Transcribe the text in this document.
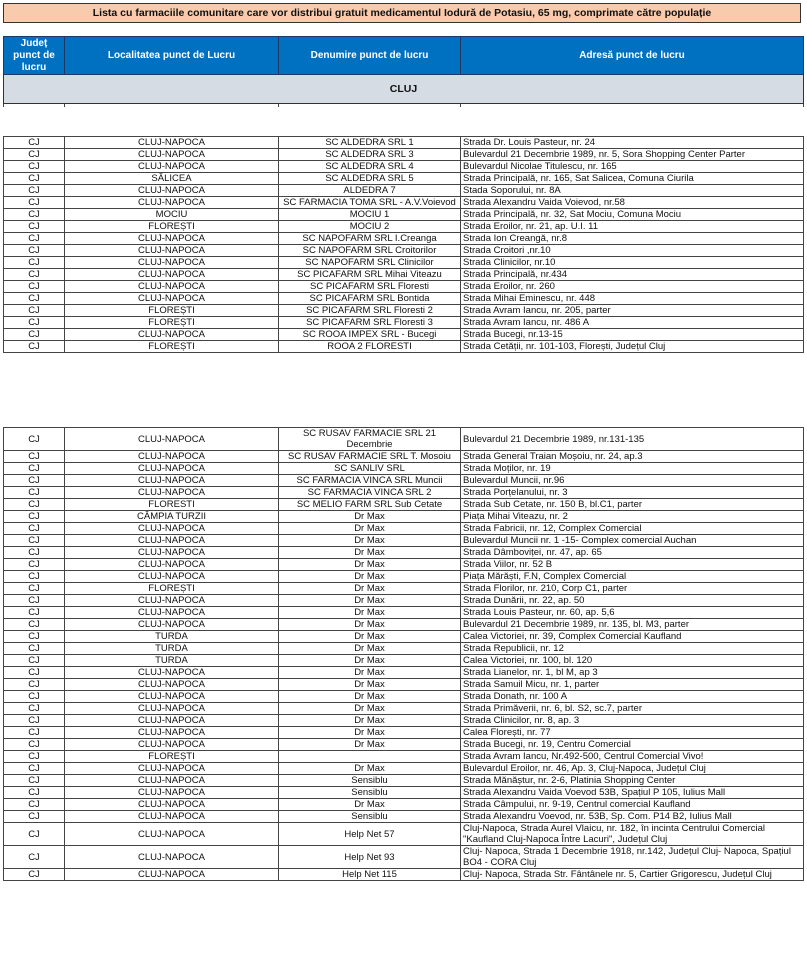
Lista cu farmaciile comunitare care vor distribui gratuit medicamentul Iodură de Potasiu, 65 mg, comprimate către populație
Județ punct de lucru	Localitatea punct de Lucru	Denumire punct de lucru	Adresă punct de lucru
CLUJ			

CJ	CLUJ-NAPOCA	SC ALDEDRA SRL 1	Strada Dr. Louis Pasteur, nr. 24
CJ	CLUJ-NAPOCA	SC ALDEDRA SRL 3	Bulevardul 21 Decembrie 1989, nr. 5, Sora Shopping Center Parter
CJ	CLUJ-NAPOCA	SC ALDEDRA SRL 4	Bulevardul Nicolae Titulescu, nr. 165
CJ	SĂLICEA	SC ALDEDRA SRL 5	Strada Principală, nr. 165, Sat Salicea, Comuna Ciurila
CJ	CLUJ-NAPOCA	ALDEDRA 7	Stada Soporului, nr. 8A
CJ	CLUJ-NAPOCA	SC FARMACIA TOMA SRL - A.V.Voievod	Strada Alexandru Vaida Voievod, nr.58
CJ	MOCIU	MOCIU 1	Strada Principală, nr. 32, Sat Mociu, Comuna Mociu
CJ	FLOREȘTI	MOCIU 2	Strada Eroilor, nr. 21, ap. U.I. 11
CJ	CLUJ-NAPOCA	SC NAPOFARM SRL I.Creanga	Strada Ion Creangă, nr.8
CJ	CLUJ-NAPOCA	SC NAPOFARM SRL Croitorilor	Strada Croitori ,nr.10
CJ	CLUJ-NAPOCA	SC NAPOFARM SRL Clinicilor	Strada Clinicilor, nr.10
CJ	CLUJ-NAPOCA	SC PICAFARM SRL Mihai Viteazu	Strada Principală, nr.434
CJ	CLUJ-NAPOCA	SC PICAFARM SRL Floresti	Strada Eroilor, nr. 260
CJ	CLUJ-NAPOCA	SC PICAFARM SRL Bontida	Strada Mihai Eminescu, nr. 448
CJ	FLOREȘTI	SC PICAFARM SRL Floresti 2	Strada Avram Iancu, nr. 205, parter
CJ	FLOREȘTI	SC PICAFARM SRL Floresti 3	Strada Avram Iancu, nr. 486 A
CJ	CLUJ-NAPOCA	SC ROOA IMPEX SRL - Bucegi	Strada Bucegi, nr.13-15
CJ	FLOREȘTI	ROOA 2 FLORESTI	Strada Cetății, nr. 101-103, Florești, Județul Cluj
CJ	CLUJ-NAPOCA	SC RUSAV FARMACIE SRL 21 Decembrie	Bulevardul 21 Decembrie 1989, nr.131-135
CJ	CLUJ-NAPOCA	SC RUSAV FARMACIE SRL T. Mosoiu	Strada General Traian Moșoiu, nr. 24, ap.3
CJ	CLUJ-NAPOCA	SC SANLIV SRL	Strada Moților, nr. 19
CJ	CLUJ-NAPOCA	SC FARMACIA VINCA SRL Muncii	Bulevardul Muncii, nr.96
CJ	CLUJ-NAPOCA	SC FARMACIA VINCA SRL 2	Strada Porțelanului, nr. 3
CJ	FLORESTI	SC MELIO FARM SRL Sub Cetate	Strada Sub Cetate, nr. 150 B, bl.C1, parter
CJ	CÂMPIA TURZII	Dr Max	Piața Mihai Viteazu, nr. 2
CJ	CLUJ-NAPOCA	Dr Max	Strada Fabricii, nr. 12, Complex Comercial
CJ	CLUJ-NAPOCA	Dr Max	Bulevardul Muncii nr. 1 -15- Complex comercial Auchan
CJ	CLUJ-NAPOCA	Dr Max	Strada Dâmboviței, nr. 47, ap. 65
CJ	CLUJ-NAPOCA	Dr Max	Strada Viilor, nr. 52 B
CJ	CLUJ-NAPOCA	Dr Max	Piața Mărăști, F.N, Complex Comercial
CJ	FLOREȘTI	Dr Max	Strada Florilor, nr. 210, Corp C1, parter
CJ	CLUJ-NAPOCA	Dr Max	Strada Dunării, nr. 22, ap. 50
CJ	CLUJ-NAPOCA	Dr Max	Strada Louis Pasteur, nr. 60, ap. 5,6
CJ	CLUJ-NAPOCA	Dr Max	Bulevardul 21 Decembrie 1989, nr. 135, bl. M3, parter
CJ	TURDA	Dr Max	Calea Victoriei, nr. 39, Complex Comercial Kaufland
CJ	TURDA	Dr Max	Strada Republicii, nr. 12
CJ	TURDA	Dr Max	Calea Victoriei, nr. 100, bl. 120
CJ	CLUJ-NAPOCA	Dr Max	Strada Lianelor, nr. 1, bl M, ap 3
CJ	CLUJ-NAPOCA	Dr Max	Strada Samuil Micu, nr. 1, parter
CJ	CLUJ-NAPOCA	Dr Max	Strada Donath, nr. 100 A
CJ	CLUJ-NAPOCA	Dr Max	Strada Primăverii, nr. 6, bl. S2, sc.7, parter
CJ	CLUJ-NAPOCA	Dr Max	Strada Clinicilor, nr. 8, ap. 3
CJ	CLUJ-NAPOCA	Dr Max	Calea Florești, nr. 77
CJ	CLUJ-NAPOCA	Dr Max	Strada Bucegi, nr. 19, Centru Comercial
CJ	FLOREȘTI		Strada Avram Iancu, Nr.492-500, Centrul Comercial Vivo!
CJ	CLUJ-NAPOCA	Dr Max	Bulevardul Eroilor, nr. 46, Ap. 3, Cluj-Napoca, Județul Cluj
CJ	CLUJ-NAPOCA	Sensiblu	Strada Mănăștur, nr. 2-6, Platinia Shopping Center
CJ	CLUJ-NAPOCA	Sensiblu	Strada Alexandru Vaida Voevod 53B, Spațiul P 105, Iulius Mall
CJ	CLUJ-NAPOCA	Dr Max	Strada Câmpului, nr. 9-19, Centrul comercial Kaufland
CJ	CLUJ-NAPOCA	Sensiblu	Strada Alexandru Voevod, nr. 53B, Sp. Com. P14 B2, Iulius Mall
CJ	CLUJ-NAPOCA	Help Net 57	Cluj-Napoca, Strada Aurel Vlaicu, nr. 182, în incinta Centrului Comercial "Kaufland Cluj-Napoca Între Lacuri", Județul Cluj
CJ	CLUJ-NAPOCA	Help Net 93	Cluj- Napoca, Strada 1 Decembrie 1918, nr.142, Județul Cluj- Napoca, Spațiul BO4 - CORA Cluj
CJ	CLUJ-NAPOCA	Help Net 115	Cluj- Napoca, Strada Str. Fântânele nr. 5, Cartier Grigorescu, Județul Cluj
